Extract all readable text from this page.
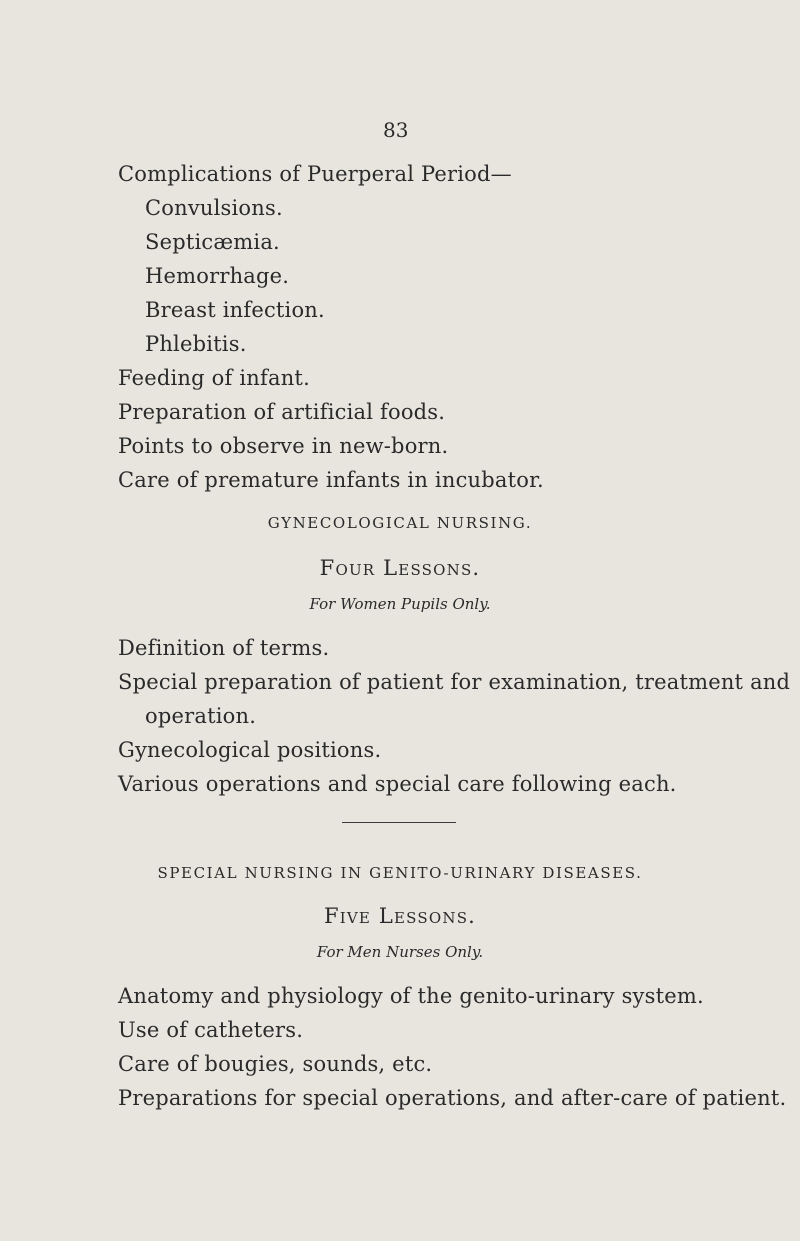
83

Complications of Puerperal Period—

Convulsions.

Septicæmia.

Hemorrhage.

Breast infection.

Phlebitis.

Feeding of infant.

Preparation of artificial foods.

Points to observe in new-born.

Care of premature infants in incubator.

GYNECOLOGICAL NURSING.

Four Lessons.

For Women Pupils Only.

Definition of terms.

Special preparation of patient for examination, treatment and

operation.

Gynecological positions.

Various operations and special care following each.

SPECIAL NURSING IN GENITO-URINARY DISEASES.

Five Lessons.

For Men Nurses Only.

Anatomy and physiology of the genito-urinary system.

Use of catheters.

Care of bougies, sounds, etc.

Preparations for special operations, and after-care of patient.
